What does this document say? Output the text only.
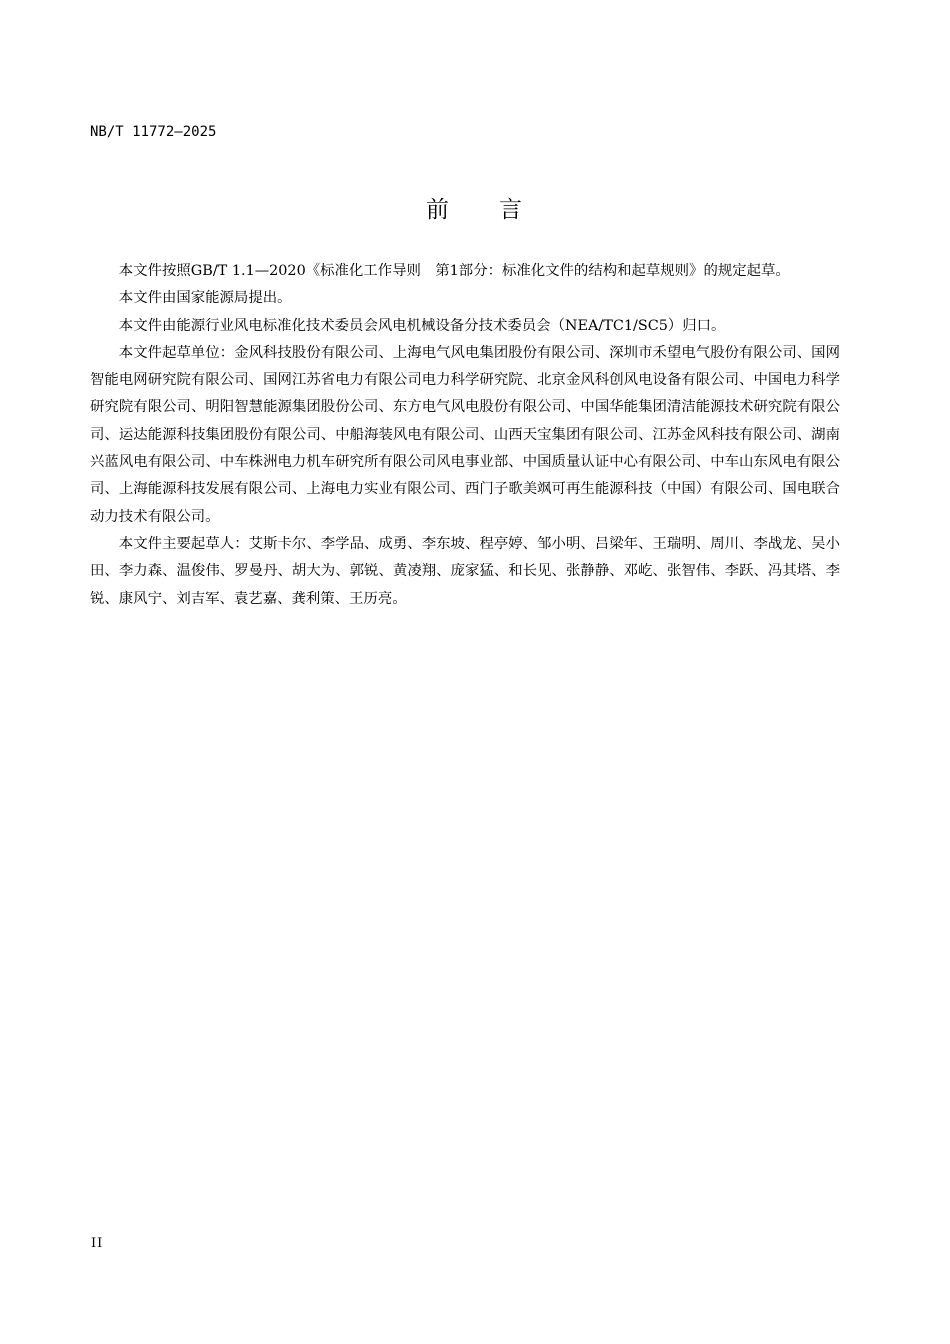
NB/T 11772—2025
前 言

本文件按照GB/T 1.1—2020《标准化工作导则　第1部分：标准化文件的结构和起草规则》的规定起草。

本文件由国家能源局提出。

本文件由能源行业风电标准化技术委员会风电机械设备分技术委员会（NEA/TC1/SC5）归口。

本文件起草单位：金风科技股份有限公司、上海电气风电集团股份有限公司、深圳市禾望电气股份有限公司、国网智能电网研究院有限公司、国网江苏省电力有限公司电力科学研究院、北京金风科创风电设备有限公司、中国电力科学研究院有限公司、明阳智慧能源集团股份公司、东方电气风电股份有限公司、中国华能集团清洁能源技术研究院有限公司、运达能源科技集团股份有限公司、中船海装风电有限公司、山西天宝集团有限公司、江苏金风科技有限公司、湖南兴蓝风电有限公司、中车株洲电力机车研究所有限公司风电事业部、中国质量认证中心有限公司、中车山东风电有限公司、上海能源科技发展有限公司、上海电力实业有限公司、西门子歌美飒可再生能源科技（中国）有限公司、国电联合动力技术有限公司。

本文件主要起草人：艾斯卡尔、李学品、成勇、李东坡、程亭婷、邹小明、吕梁年、王瑞明、周川、李战龙、吴小田、李力森、温俊伟、罗曼丹、胡大为、郭锐、黄凌翔、庞家猛、和长见、张静静、邓屹、张智伟、李跃、冯其塔、李锐、康风宁、刘吉军、袁艺嘉、龚利策、王历亮。

II
